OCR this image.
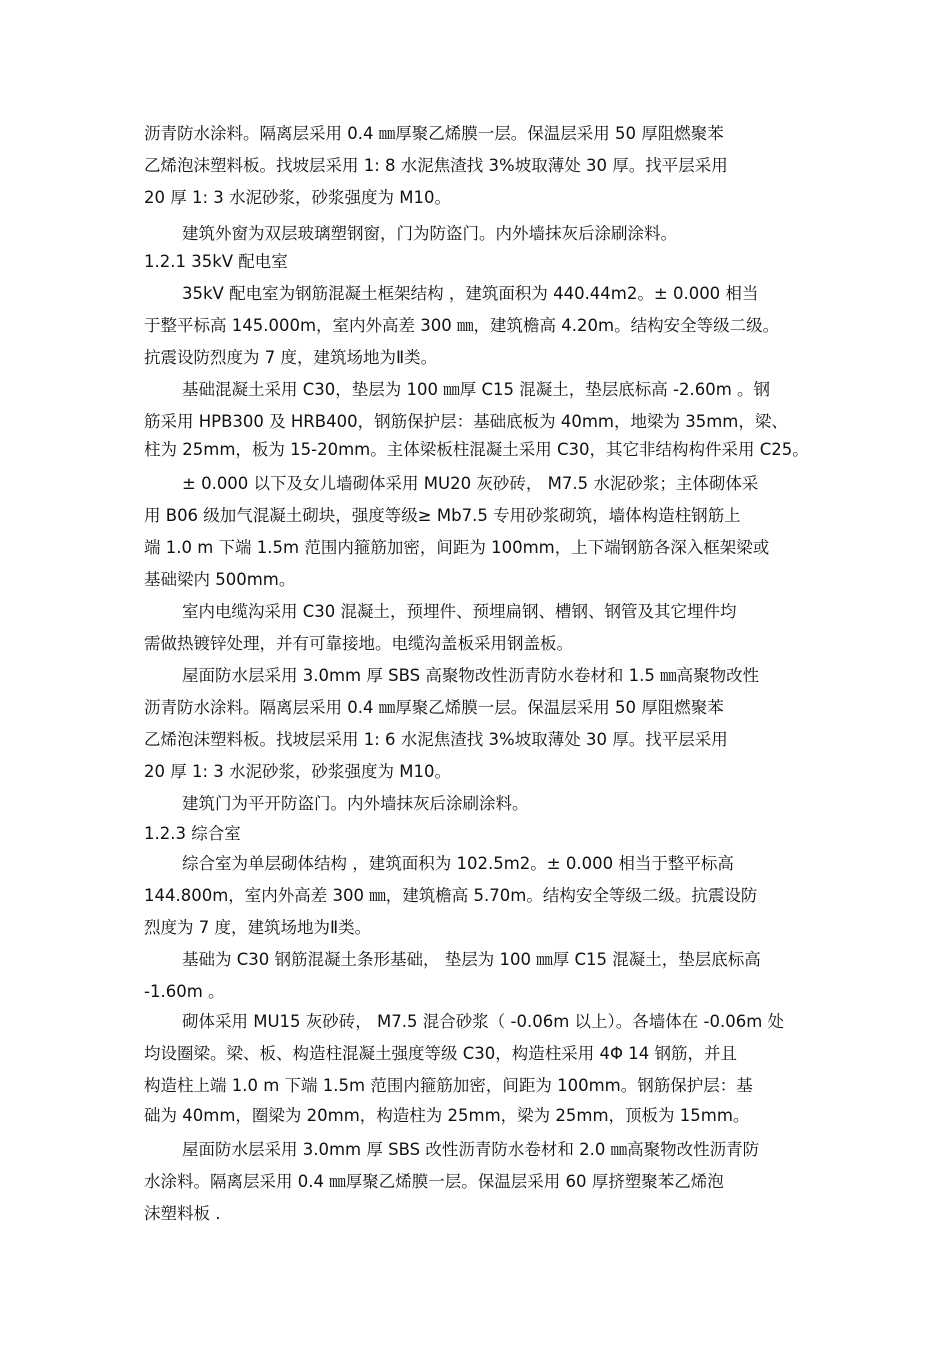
沥青防水涂料。隔离层采用 0.4 ㎜厚聚乙烯膜一层。保温层采用 50 厚阻燃聚苯
乙烯泡沫塑料板。找坡层采用 1: 8 水泥焦渣找 3%坡取薄处 30 厚。找平层采用
20 厚 1: 3 水泥砂浆，砂浆强度为 M10。
建筑外窗为双层玻璃塑钢窗，门为防盗门。内外墙抹灰后涂刷涂料。
1.2.1 35kV 配电室
35kV 配电室为钢筋混凝土框架结构 ，建筑面积为 440.44m2。± 0.000 相当
于整平标高 145.000m，室内外高差 300 ㎜，建筑檐高 4.20m。结构安全等级二级。
抗震设防烈度为 7 度，建筑场地为Ⅱ类。
基础混凝土采用 C30，垫层为 100 ㎜厚 C15 混凝土，垫层底标高 -2.60m 。钢
筋采用 HPB300 及 HRB400，钢筋保护层：基础底板为 40mm，地梁为 35mm，梁、
柱为 25mm，板为 15-20mm。主体梁板柱混凝土采用 C30，其它非结构构件采用 C25。
± 0.000 以下及女儿墙砌体采用 MU20 灰砂砖， M7.5 水泥砂浆；主体砌体采
用 B06 级加气混凝土砌块，强度等级≥ Mb7.5 专用砂浆砌筑，墙体构造柱钢筋上
端 1.0 m 下端 1.5m 范围内箍筋加密，间距为 100mm，上下端钢筋各深入框架梁或
基础梁内 500mm。
室内电缆沟采用 C30 混凝土，预埋件、预埋扁钢、槽钢、钢管及其它埋件均
需做热镀锌处理，并有可靠接地。电缆沟盖板采用钢盖板。
屋面防水层采用 3.0mm 厚 SBS 高聚物改性沥青防水卷材和 1.5 ㎜高聚物改性
沥青防水涂料。隔离层采用 0.4 ㎜厚聚乙烯膜一层。保温层采用 50 厚阻燃聚苯
乙烯泡沫塑料板。找坡层采用 1: 6 水泥焦渣找 3%坡取薄处 30 厚。找平层采用
20 厚 1: 3 水泥砂浆，砂浆强度为 M10。
建筑门为平开防盗门。内外墙抹灰后涂刷涂料。
1.2.3 综合室
综合室为单层砌体结构 ，建筑面积为 102.5m2。± 0.000 相当于整平标高
144.800m，室内外高差 300 ㎜，建筑檐高 5.70m。结构安全等级二级。抗震设防
烈度为 7 度，建筑场地为Ⅱ类。
基础为 C30 钢筋混凝土条形基础， 垫层为 100 ㎜厚 C15 混凝土，垫层底标高
-1.60m 。
砌体采用 MU15 灰砂砖， M7.5 混合砂浆（ -0.06m 以上）。各墙体在 -0.06m 处
均设圈梁。梁、板、构造柱混凝土强度等级 C30，构造柱采用 4Φ 14 钢筋，并且
构造柱上端 1.0 m 下端 1.5m 范围内箍筋加密，间距为 100mm。钢筋保护层：基
础为 40mm，圈梁为 20mm，构造柱为 25mm，梁为 25mm，顶板为 15mm。
屋面防水层采用 3.0mm 厚 SBS 改性沥青防水卷材和 2.0 ㎜高聚物改性沥青防
水涂料。隔离层采用 0.4 ㎜厚聚乙烯膜一层。保温层采用 60 厚挤塑聚苯乙烯泡
沫塑料板 .
